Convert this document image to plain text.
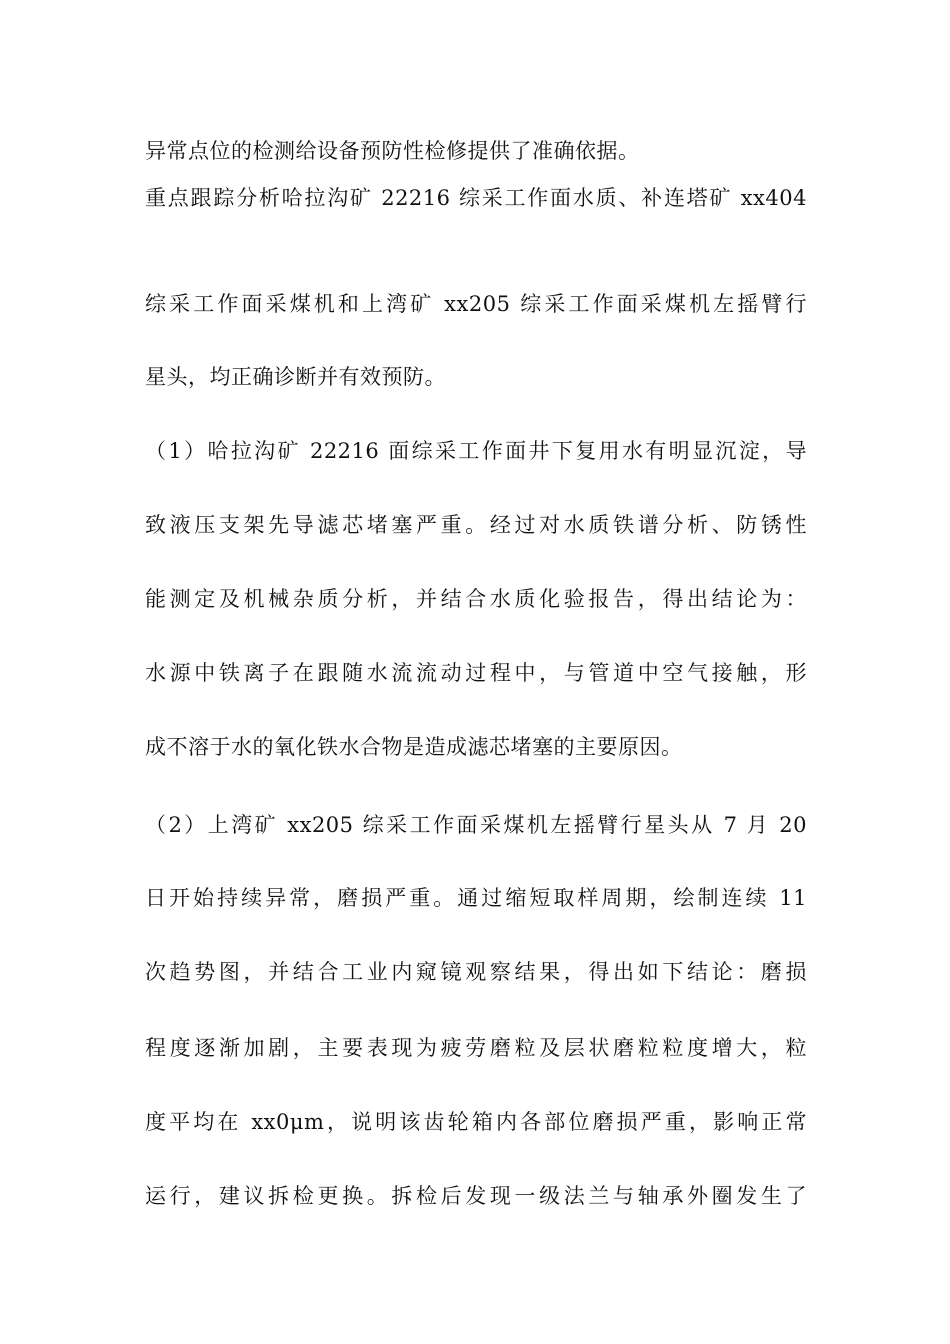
异常点位的检测给设备预防性检修提供了准确依据。
重点跟踪分析哈拉沟矿 22216 综采工作面水质、补连塔矿 xx404
综采工作面采煤机和上湾矿 xx205 综采工作面采煤机左摇臂行
星头，均正确诊断并有效预防。
（1）哈拉沟矿 22216 面综采工作面井下复用水有明显沉淀，导
致液压支架先导滤芯堵塞严重。经过对水质铁谱分析、防锈性
能测定及机械杂质分析，并结合水质化验报告，得出结论为：
水源中铁离子在跟随水流流动过程中，与管道中空气接触，形
成不溶于水的氧化铁水合物是造成滤芯堵塞的主要原因。
（2）上湾矿 xx205 综采工作面采煤机左摇臂行星头从 7 月 20
日开始持续异常，磨损严重。通过缩短取样周期，绘制连续 11
次趋势图，并结合工业内窥镜观察结果，得出如下结论：磨损
程度逐渐加剧，主要表现为疲劳磨粒及层状磨粒粒度增大，粒
度平均在 xx0μm，说明该齿轮箱内各部位磨损严重，影响正常
运行，建议拆检更换。拆检后发现一级法兰与轴承外圈发生了
